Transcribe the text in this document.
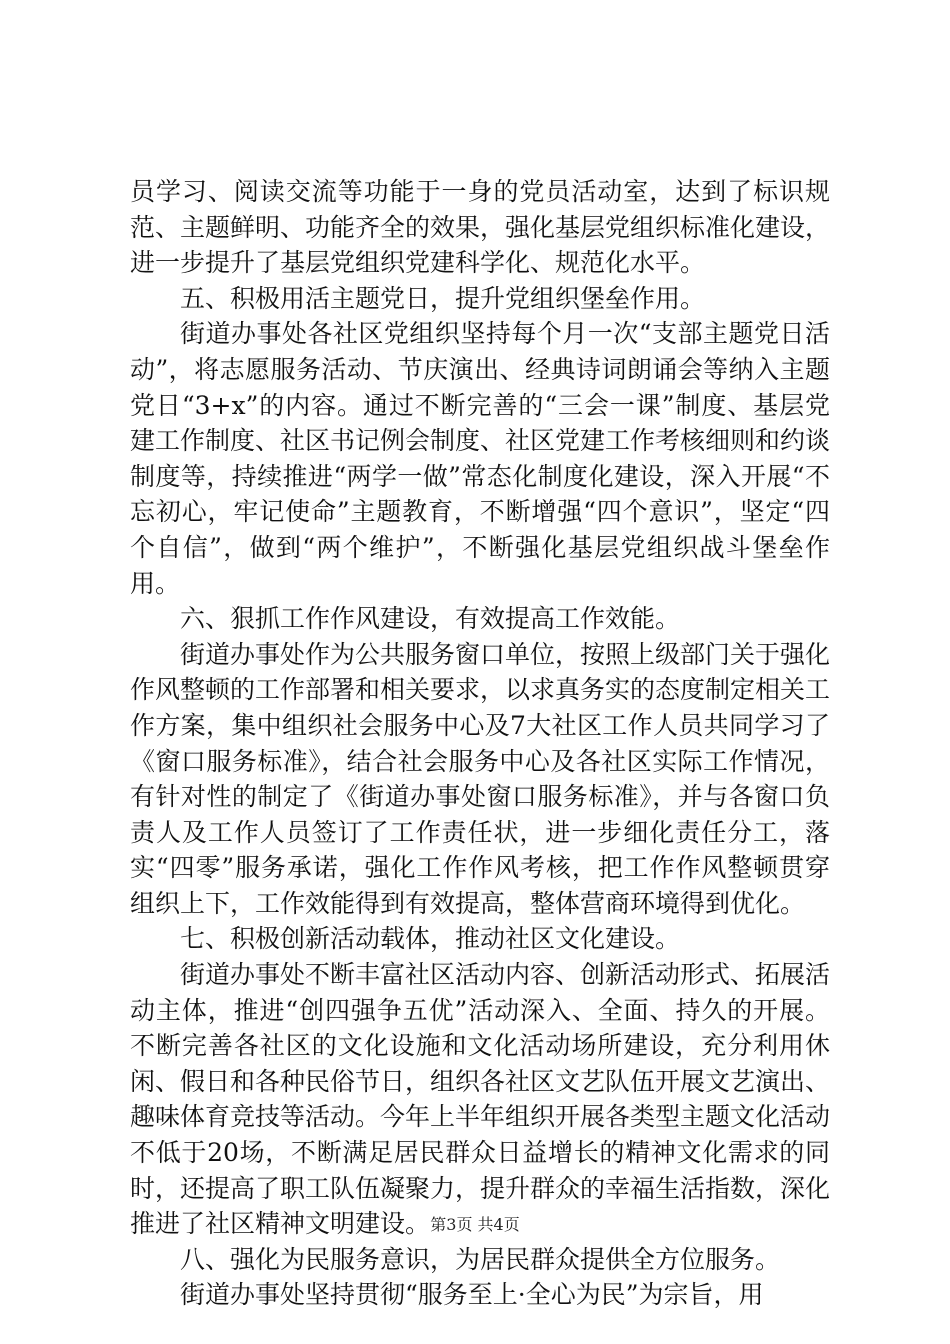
员学习、阅读交流等功能于一身的党员活动室，达到了标识规范、主题鲜明、功能齐全的效果，强化基层党组织标准化建设，进一步提升了基层党组织党建科学化、规范化水平。

五、积极用活主题党日，提升党组织堡垒作用。

街道办事处各社区党组织坚持每个月一次“支部主题党日活动”，将志愿服务活动、节庆演出、经典诗词朗诵会等纳入主题党日“3+x”的内容。通过不断完善的“三会一课”制度、基层党建工作制度、社区书记例会制度、社区党建工作考核细则和约谈制度等，持续推进“两学一做”常态化制度化建设，深入开展“不忘初心，牢记使命”主题教育，不断增强“四个意识”，坚定“四个自信”，做到“两个维护”，不断强化基层党组织战斗堡垒作用。

六、狠抓工作作风建设，有效提高工作效能。

街道办事处作为公共服务窗口单位，按照上级部门关于强化作风整顿的工作部署和相关要求，以求真务实的态度制定相关工作方案，集中组织社会服务中心及7大社区工作人员共同学习了《窗口服务标准》，结合社会服务中心及各社区实际工作情况，有针对性的制定了《街道办事处窗口服务标准》，并与各窗口负责人及工作人员签订了工作责任状，进一步细化责任分工，落实“四零”服务承诺，强化工作作风考核，把工作作风整顿贯穿组织上下，工作效能得到有效提高，整体营商环境得到优化。

七、积极创新活动载体，推动社区文化建设。

街道办事处不断丰富社区活动内容、创新活动形式、拓展活动主体，推进“创四强争五优”活动深入、全面、持久的开展。不断完善各社区的文化设施和文化活动场所建设，充分利用休闲、假日和各种民俗节日，组织各社区文艺队伍开展文艺演出、趣味体育竞技等活动。今年上半年组织开展各类型主题文化活动不低于20场，不断满足居民群众日益增长的精神文化需求的同时，还提高了职工队伍凝聚力，提升群众的幸福生活指数，深化推进了社区精神文明建设。

八、强化为民服务意识，为居民群众提供全方位服务。

街道办事处坚持贯彻“服务至上·全心为民”为宗旨，用

第3页 共4页
